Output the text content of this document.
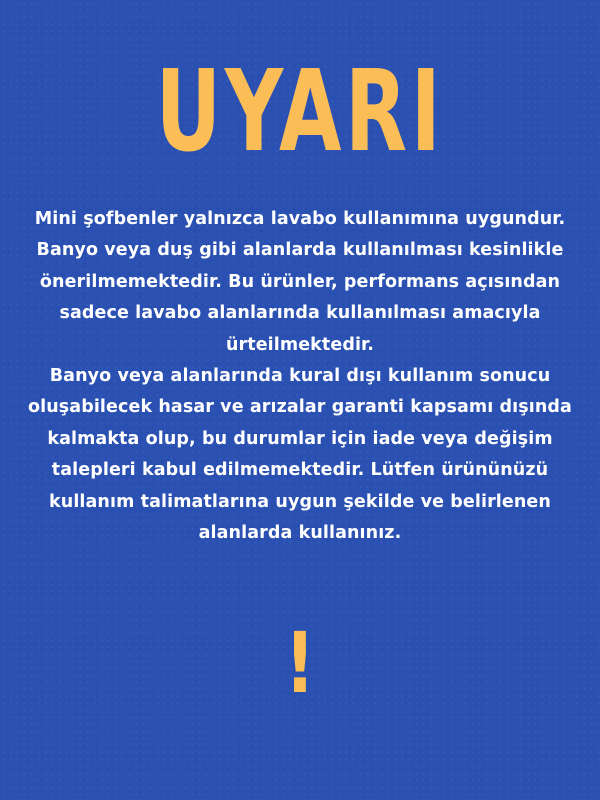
UYARI
Mini şofbenler yalnızca lavabo kullanımına uygundur.
Banyo veya duş gibi alanlarda kullanılması kesinlikle
önerilmemektedir. Bu ürünler, performans açısından
sadece lavabo alanlarında kullanılması amacıyla
ürteilmektedir.
Banyo veya alanlarında kural dışı kullanım sonucu
oluşabilecek hasar ve arızalar garanti kapsamı dışında
kalmakta olup, bu durumlar için iade veya değişim
talepleri kabul edilmemektedir. Lütfen ürününüzü
kullanım talimatlarına uygun şekilde ve belirlenen
alanlarda kullanınız.
!
